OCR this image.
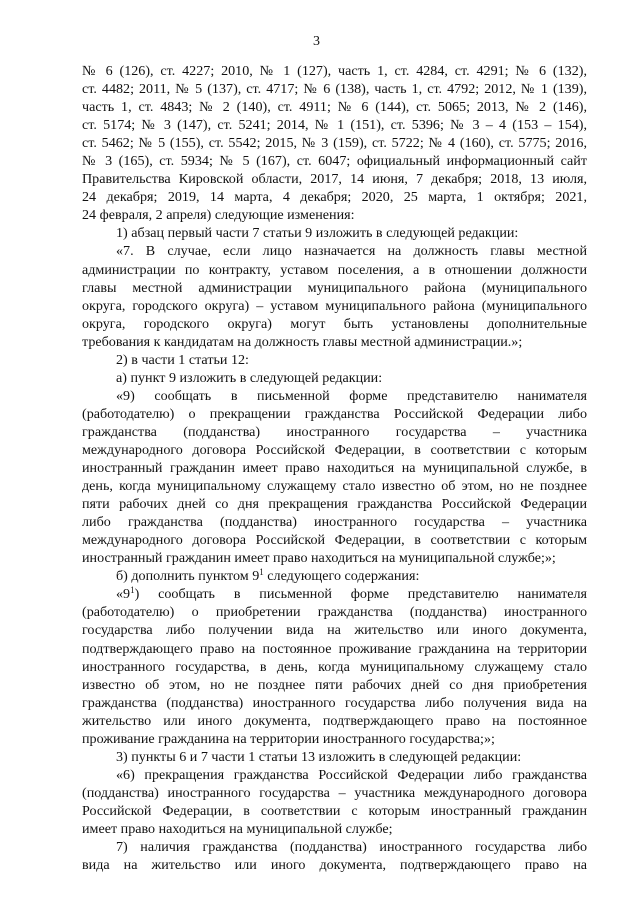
3
№ 6 (126), ст. 4227; 2010, № 1 (127), часть 1, ст. 4284, ст. 4291; № 6 (132),
ст. 4482; 2011, № 5 (137), ст. 4717; № 6 (138), часть 1, ст. 4792; 2012, № 1 (139),
часть 1, ст. 4843; № 2 (140), ст. 4911; № 6 (144), ст. 5065; 2013, № 2 (146),
ст. 5174; № 3 (147), ст. 5241; 2014, № 1 (151), ст. 5396; № 3 – 4 (153 – 154),
ст. 5462; № 5 (155), ст. 5542; 2015, № 3 (159), ст. 5722; № 4 (160), ст. 5775; 2016,
№ 3 (165), ст. 5934; № 5 (167), ст. 6047; официальный информационный сайт
Правительства Кировской области, 2017, 14 июня, 7 декабря; 2018, 13 июля,
24 декабря; 2019, 14 марта, 4 декабря; 2020, 25 марта, 1 октября; 2021,
24 февраля, 2 апреля) следующие изменения:
1) абзац первый части 7 статьи 9 изложить в следующей редакции:
«7. В случае, если лицо назначается на должность главы местной
администрации по контракту, уставом поселения, а в отношении должности
главы местной администрации муниципального района (муниципального
округа, городского округа) – уставом муниципального района (муниципального
округа, городского округа) могут быть установлены дополнительные
требования к кандидатам на должность главы местной администрации.»;
2) в части 1 статьи 12:
а) пункт 9 изложить в следующей редакции:
«9) сообщать в письменной форме представителю нанимателя
(работодателю) о прекращении гражданства Российской Федерации либо
гражданства (подданства) иностранного государства – участника
международного договора Российской Федерации, в соответствии с которым
иностранный гражданин имеет право находиться на муниципальной службе, в
день, когда муниципальному служащему стало известно об этом, но не позднее
пяти рабочих дней со дня прекращения гражданства Российской Федерации
либо гражданства (подданства) иностранного государства – участника
международного договора Российской Федерации, в соответствии с которым
иностранный гражданин имеет право находиться на муниципальной службе;»;
б) дополнить пунктом $9^1$ следующего содержания:
«$9^1$) сообщать в письменной форме представителю нанимателя
(работодателю) о приобретении гражданства (подданства) иностранного
государства либо получении вида на жительство или иного документа,
подтверждающего право на постоянное проживание гражданина на территории
иностранного государства, в день, когда муниципальному служащему стало
известно об этом, но не позднее пяти рабочих дней со дня приобретения
гражданства (подданства) иностранного государства либо получения вида на
жительство или иного документа, подтверждающего право на постоянное
проживание гражданина на территории иностранного государства;»;
3) пункты 6 и 7 части 1 статьи 13 изложить в следующей редакции:
«6) прекращения гражданства Российской Федерации либо гражданства
(подданства) иностранного государства – участника международного договора
Российской Федерации, в соответствии с которым иностранный гражданин
имеет право находиться на муниципальной службе;
7) наличия гражданства (подданства) иностранного государства либо
вида на жительство или иного документа, подтверждающего право на
